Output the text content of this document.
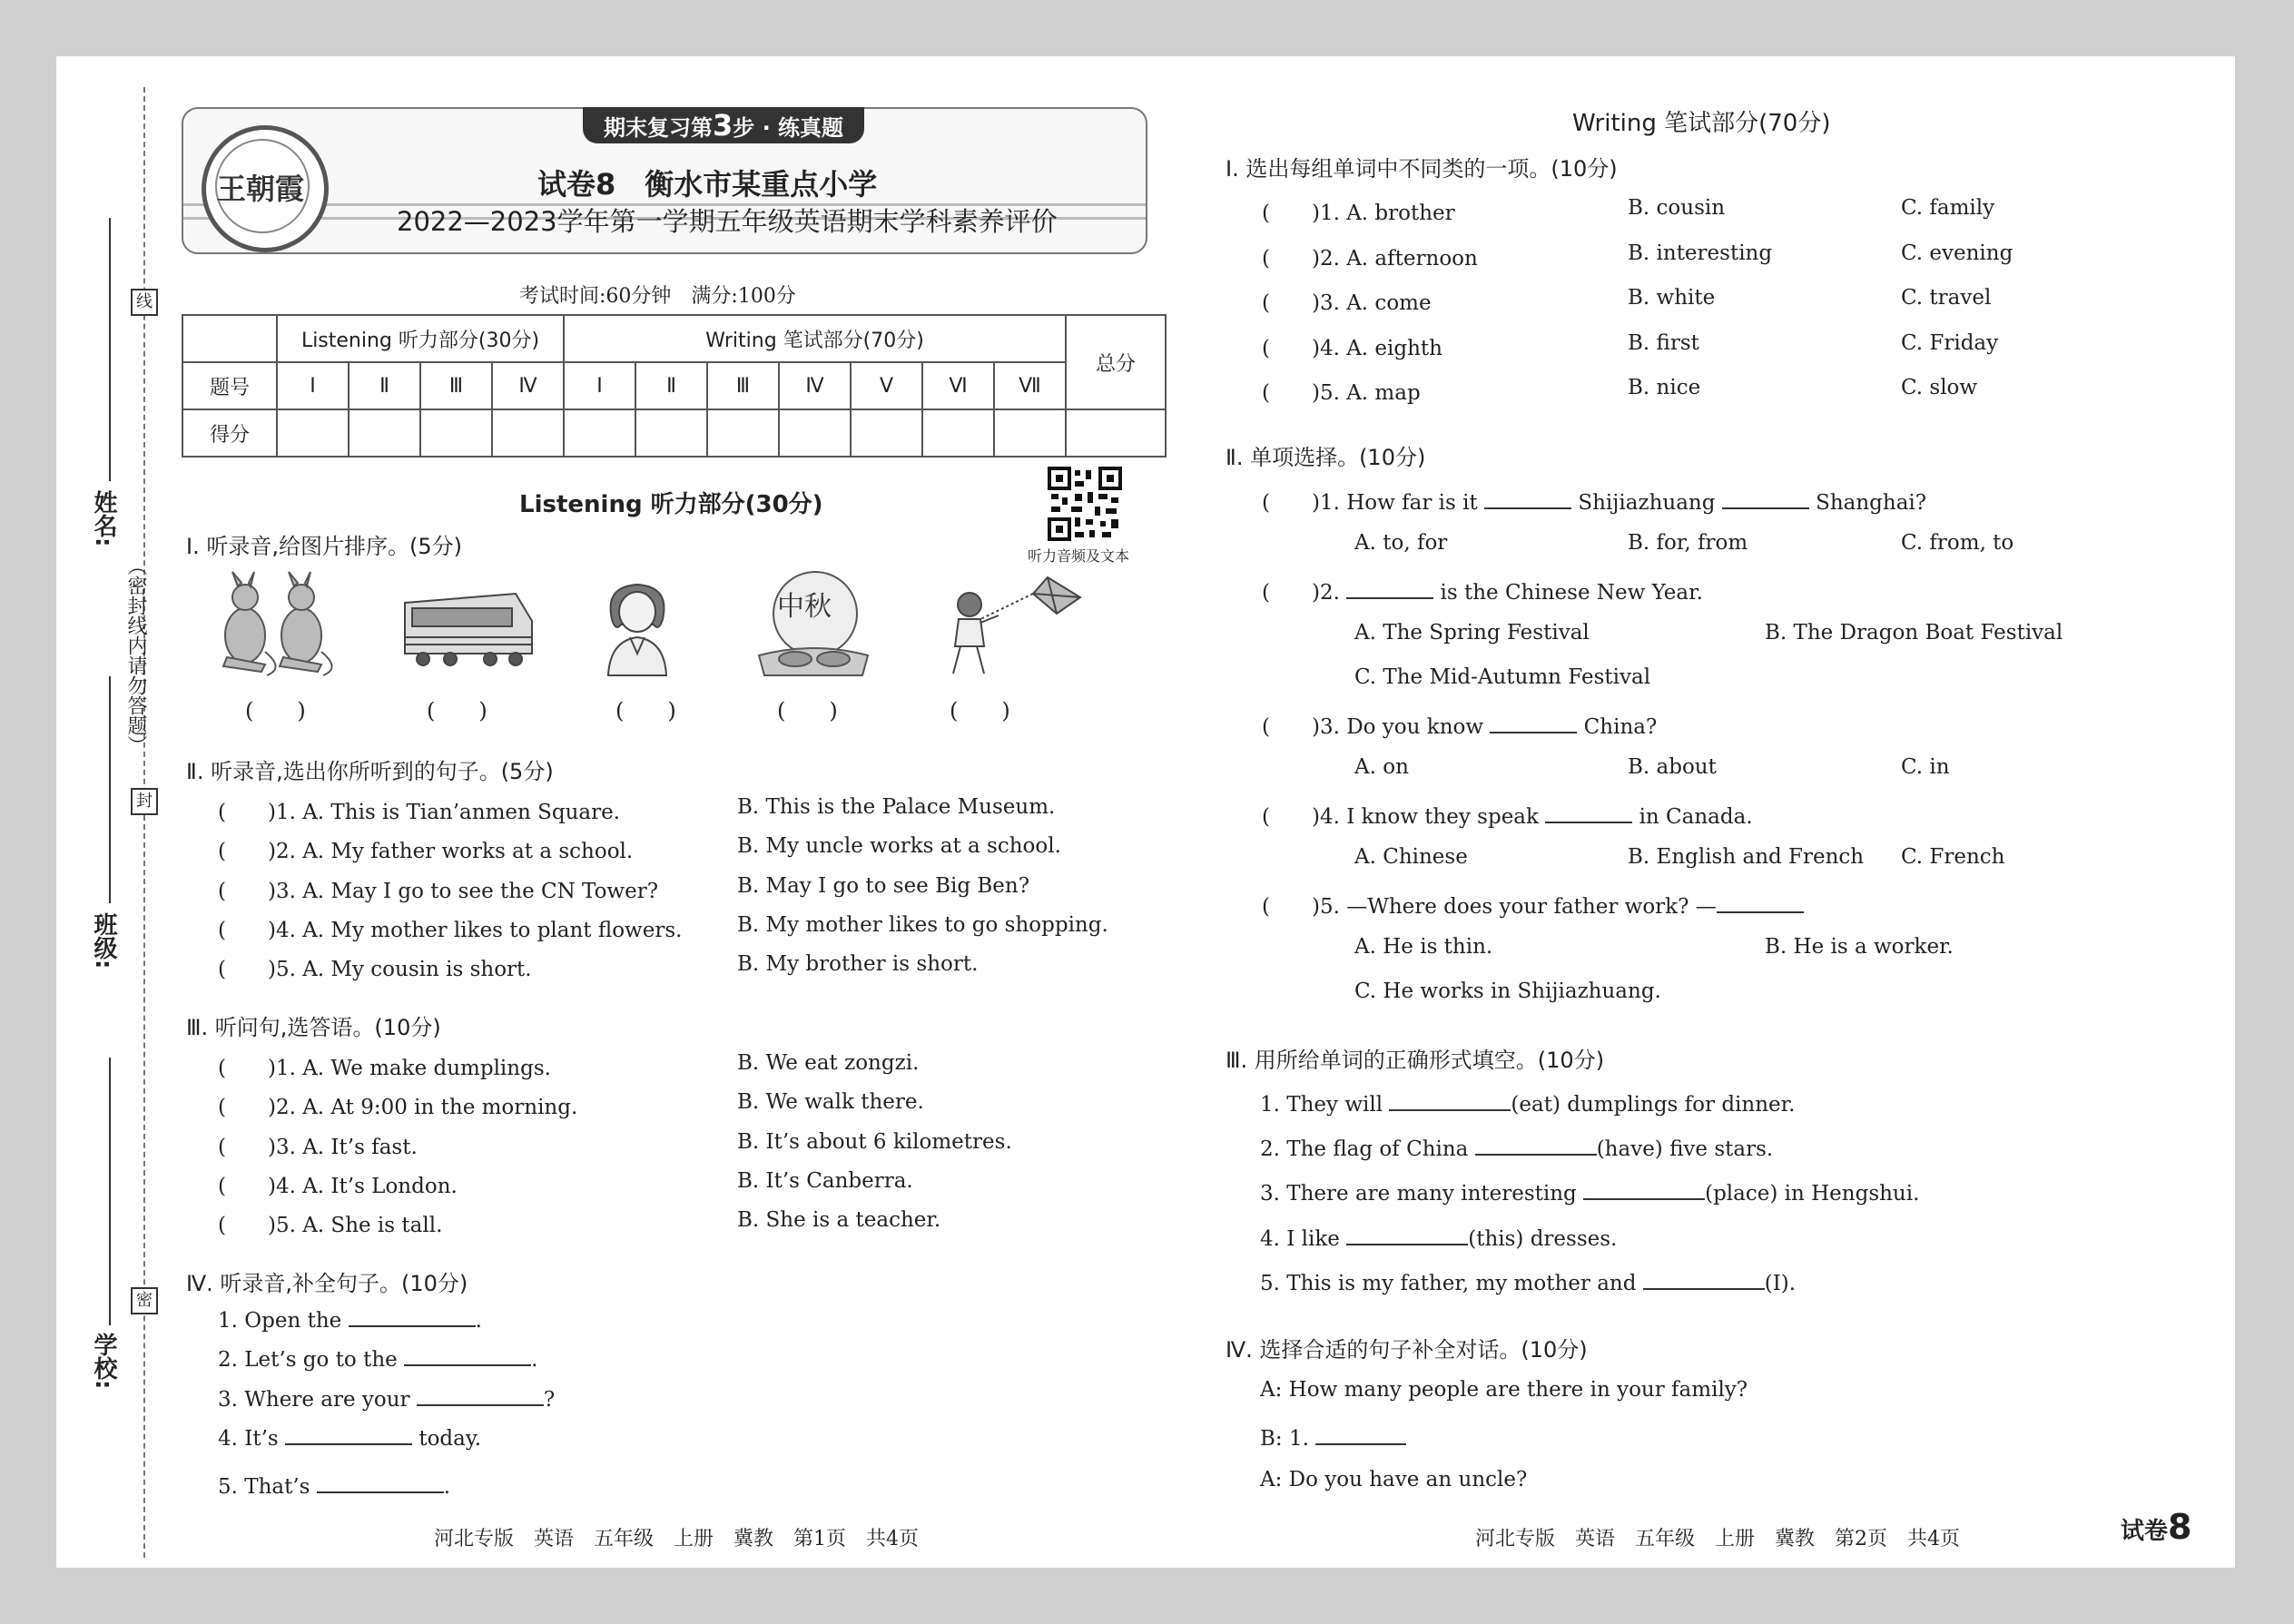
线
封
密
（密封线内请勿答题）
姓名:
班级:
学校:
期末复习第3步 · 练真题
王朝霞	试卷8　衡水市某重点小学
2022—2023学年第一学期五年级英语期末学科素养评价
考试时间:60分钟　满分:100分
	Listening 听力部分(30分)				Writing 笔试部分(70分)							总分
题号	Ⅰ	Ⅱ	Ⅲ	Ⅳ	Ⅰ	Ⅱ	Ⅲ	Ⅳ	Ⅴ	Ⅵ	Ⅶ	
得分												
听力音频及文本
Listening 听力部分(30分)
Ⅰ. 听录音,给图片排序。(5分)
中秋
(　　)	(　　)	(　　)	(　　)	(　　)
Ⅱ. 听录音,选出你所听到的句子。(5分)
(　　)1. A. This is Tian’anmen Square.	B. This is the Palace Museum.
(　　)2. A. My father works at a school.	B. My uncle works at a school.
(　　)3. A. May I go to see the CN Tower?	B. May I go to see Big Ben?
(　　)4. A. My mother likes to plant flowers.	B. My mother likes to go shopping.
(　　)5. A. My cousin is short.	B. My brother is short.
Ⅲ. 听问句,选答语。(10分)
(　　)1. A. We make dumplings.	B. We eat zongzi.
(　　)2. A. At 9:00 in the morning.	B. We walk there.
(　　)3. A. It’s fast.	B. It’s about 6 kilometres.
(　　)4. A. It’s London.	B. It’s Canberra.
(　　)5. A. She is tall.	B. She is a teacher.
Ⅳ. 听录音,补全句子。(10分)
1. Open the	.
2. Let’s go to the	.
3. Where are your	?
4. It’s	today.
5. That’s	.
河北专版　英语　五年级　上册　冀教　第1页　共4页
Writing 笔试部分(70分)
Ⅰ. 选出每组单词中不同类的一项。(10分)
(　　)1. A. brother	B. cousin	C. family
(　　)2. A. afternoon	B. interesting	C. evening
(　　)3. A. come	B. white	C. travel
(　　)4. A. eighth	B. first	C. Friday
(　　)5. A. map	B. nice	C. slow
Ⅱ. 单项选择。(10分)
(　　)1. How far is it	Shijiazhuang	Shanghai?
A. to, for	B. for, from	C. from, to
(　　)2.	is the Chinese New Year.
A. The Spring Festival	B. The Dragon Boat Festival
C. The Mid-Autumn Festival
(　　)3. Do you know	China?
A. on	B. about	C. in
(　　)4. I know they speak	in Canada.
A. Chinese	B. English and French C. French
(　　)5. —Where does your father work? —
A. He is thin.	B. He is a worker.
C. He works in Shijiazhuang.
Ⅲ. 用所给单词的正确形式填空。(10分)
1. They will	(eat) dumplings for dinner.
2. The flag of China	(have) five stars.
3. There are many interesting	(place) in Hengshui.
4. I like	(this) dresses.
5. This is my father, my mother and	(I).
Ⅳ. 选择合适的句子补全对话。(10分)
A: How many people are there in your family?
B: 1.
A: Do you have an uncle?
河北专版　英语　五年级　上册　冀教　第2页　共4页	试卷8
